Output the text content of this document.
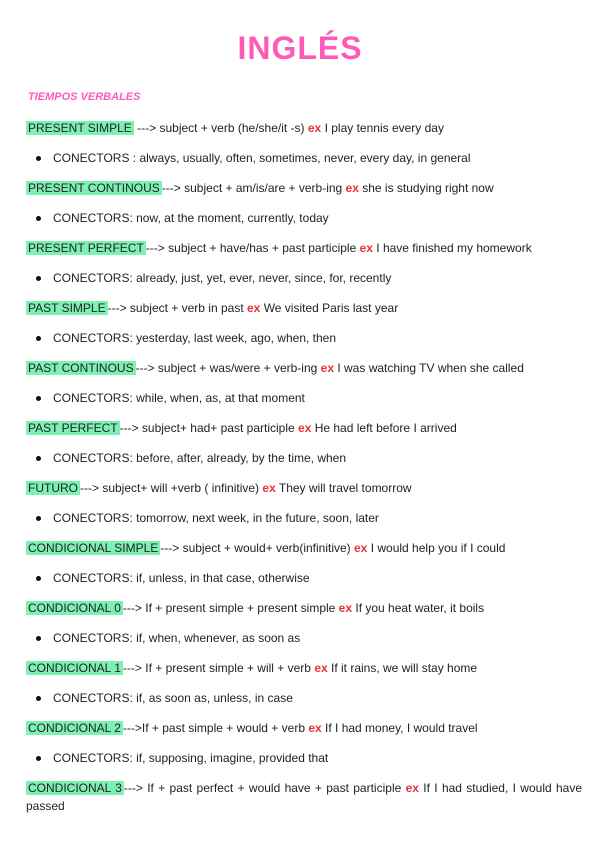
INGLÉS
TIEMPOS VERBALES

PRESENT SIMPLE ---> subject + verb (he/she/it -s) ex I play tennis every day

CONECTORS : always, usually, often, sometimes, never, every day, in general

PRESENT CONTINOUS ---> subject + am/is/are + verb-ing ex she is studying right now

CONECTORS: now, at the moment, currently, today

PRESENT PERFECT ---> subject + have/has + past participle ex I have finished my homework

CONECTORS: already, just, yet, ever, never, since, for, recently

PAST SIMPLE ---> subject + verb in past ex We visited Paris last year

CONECTORS: yesterday, last week, ago, when, then

PAST CONTINOUS ---> subject + was/were + verb-ing ex I was watching TV when she called

CONECTORS: while, when, as, at that moment

PAST PERFECT ---> subject+ had+ past participle ex He had left before I arrived

CONECTORS: before, after, already, by the time, when

FUTURO ---> subject+ will +verb ( infinitive) ex They will travel tomorrow

CONECTORS: tomorrow, next week, in the future, soon, later

CONDICIONAL SIMPLE ---> subject + would+ verb(infinitive) ex I would help you if I could

CONECTORS: if, unless, in that case, otherwise

CONDICIONAL 0 ---> If + present simple + present simple ex If you heat water, it boils

CONECTORS: if, when, whenever, as soon as

CONDICIONAL 1 ---> If + present simple + will + verb ex If it rains, we will stay home

CONECTORS: if, as soon as, unless, in case

CONDICIONAL 2 --->If + past simple + would + verb ex If I had money, I would travel

CONECTORS: if, supposing, imagine, provided that

CONDICIONAL 3 ---> If + past perfect + would have + past participle ex If I had studied, I would have passed
